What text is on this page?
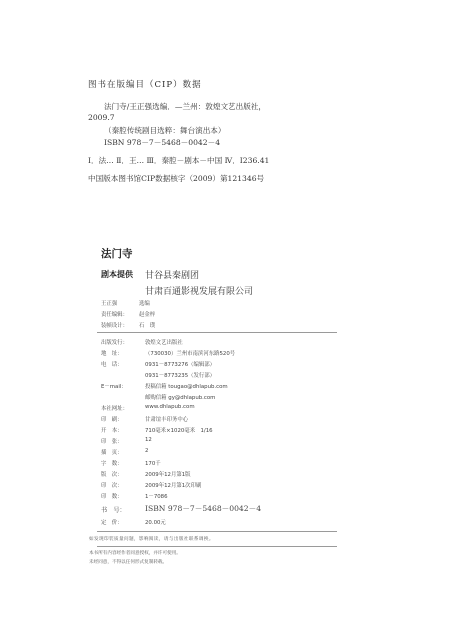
图书在版编目（CIP）数据
法门寺/王正强选编．—兰州：敦煌文艺出版社，
2009.7
（秦腔传统剧目选粹：舞台演出本）
ISBN 978－7－5468－0042－4
Ⅰ．法… Ⅱ．王… Ⅲ．秦腔－剧本－中国 Ⅳ．I236.41
中国版本图书馆CIP数据核字（2009）第121346号
法门寺
剧本提供 甘谷县秦剧团
甘肃百通影视发展有限公司
王正强	选编
责任编辑： 赵金梓
装帧设计： 石　璞
出版发行：	敦煌文艺出版社
地　址：	（730030）兰州市南滨河东路520号
电　话：	0931－8773276（编辑部）
0931－8773235（发行部）
E－mail：	投稿信箱 tougao@dhlapub.com
邮购信箱 gy@dhlapub.com
本社网址：	www.dhlapub.com
印　刷：	甘肃谊丰印务中心
开　本：	710毫米×1020毫米　1/16
印　张：	12
插　页：	2
字　数：	170千
版　次：	2009年12月第1版
印　次：	2009年12月第1次印刷
印　数：	1－7086
书　号：	ISBN 978－7－5468－0042－4
定　价：	20.00元
如发现印装质量问题，影响阅读，请与出版社联系调换。
本书所有内容经作者同意授权，并许可使用。
未经同意，不得以任何形式复制转载。
